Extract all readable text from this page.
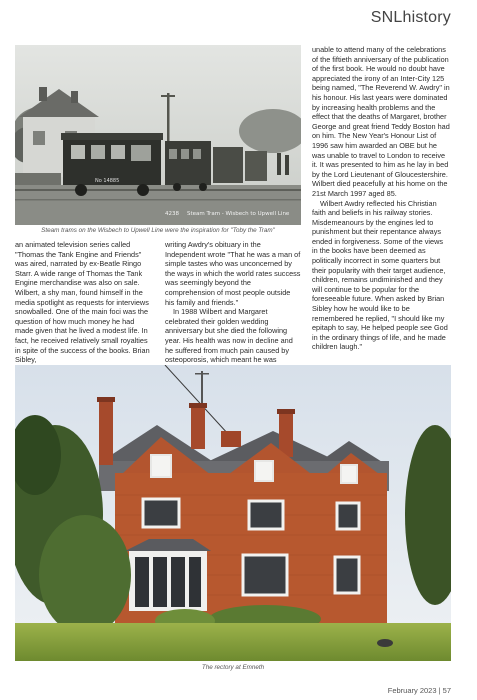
SNLhistory
No 14885
Steam Tram - Wisbech to Upwell Line
4238
Steam trams on the Wisbech to Upwell Line were the inspiration for "Toby the Tram"

an animated television series called "Thomas the Tank Engine and Friends" was aired, narrated by ex-Beatle Ringo Starr. A wide range of Thomas the Tank Engine merchandise was also on sale. Wilbert, a shy man, found himself in the media spotlight as requests for interviews snowballed. One of the main foci was the question of how much money he had made given that he lived a modest life. In fact, he received relatively small royalties in spite of the success of the books. Brian Sibley,

writing Awdry's obituary in the Independent wrote "That he was a man of simple tastes who was unconcerned by the ways in which the world rates success was seemingly beyond the comprehension of most people outside his family and friends."

In 1988 Wilbert and Margaret celebrated their golden wedding anniversary but she died the following year. His health was now in decline and he suffered from much pain caused by osteoporosis, which meant he was

unable to attend many of the celebrations of the fiftieth anniversary of the publication of the first book. He would no doubt have appreciated the irony of an Inter-City 125 being named, "The Reverend W. Awdry" in his honour. His last years were dominated by increasing health problems and the effect that the deaths of Margaret, brother George and great friend Teddy Boston had on him. The New Year's Honour List of 1996 saw him awarded an OBE but he was unable to travel to London to receive it. It was presented to him as he lay in bed by the Lord Lieutenant of Gloucestershire. Wilbert died peacefully at his home on the 21st March 1997 aged 85.

Wilbert Awdry reflected his Christian faith and beliefs in his railway stories. Misdemeanours by the engines led to punishment but their repentance always ended in forgiveness. Some of the views in the books have been deemed as politically incorrect in some quarters but their popularity with their target audience, children, remains undiminished and they will continue to be popular for the foreseeable future. When asked by Brian Sibley how he would like to be remembered he replied, "I should like my epitaph to say, He helped people see God in the ordinary things of life, and he made children laugh."

The rectory at Emneth
February 2023 | 57
